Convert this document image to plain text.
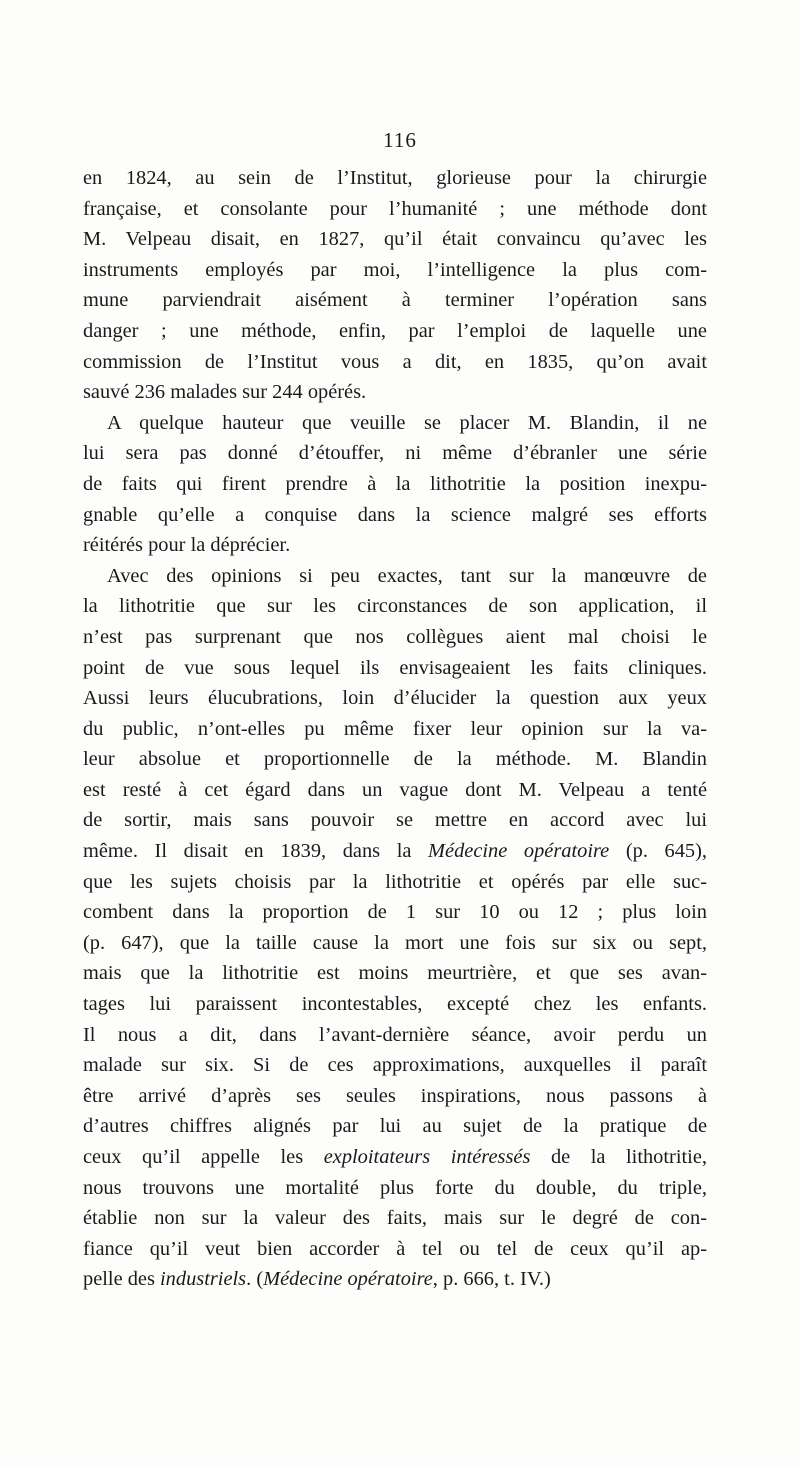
116
en 1824, au sein de l’Institut, glorieuse pour la chirurgie
française, et consolante pour l’humanité ; une méthode dont
M. Velpeau disait, en 1827, qu’il était convaincu qu’avec les
instruments employés par moi, l’intelligence la plus com-
mune parviendrait aisément à terminer l’opération sans
danger ; une méthode, enfin, par l’emploi de laquelle une
commission de l’Institut vous a dit, en 1835, qu’on avait
sauvé 236 malades sur 244 opérés.
A quelque hauteur que veuille se placer M. Blandin, il ne
lui sera pas donné d’étouffer, ni même d’ébranler une série
de faits qui firent prendre à la lithotritie la position inexpu-
gnable qu’elle a conquise dans la science malgré ses efforts
réitérés pour la déprécier.
Avec des opinions si peu exactes, tant sur la manœuvre de
la lithotritie que sur les circonstances de son application, il
n’est pas surprenant que nos collègues aient mal choisi le
point de vue sous lequel ils envisageaient les faits cliniques.
Aussi leurs élucubrations, loin d’élucider la question aux yeux
du public, n’ont-elles pu même fixer leur opinion sur la va-
leur absolue et proportionnelle de la méthode. M. Blandin
est resté à cet égard dans un vague dont M. Velpeau a tenté
de sortir, mais sans pouvoir se mettre en accord avec lui
même. Il disait en 1839, dans la Médecine opératoire (p. 645),
que les sujets choisis par la lithotritie et opérés par elle suc-
combent dans la proportion de 1 sur 10 ou 12 ; plus loin
(p. 647), que la taille cause la mort une fois sur six ou sept,
mais que la lithotritie est moins meurtrière, et que ses avan-
tages lui paraissent incontestables, excepté chez les enfants.
Il nous a dit, dans l’avant-dernière séance, avoir perdu un
malade sur six. Si de ces approximations, auxquelles il paraît
être arrivé d’après ses seules inspirations, nous passons à
d’autres chiffres alignés par lui au sujet de la pratique de
ceux qu’il appelle les exploitateurs intéressés de la lithotritie,
nous trouvons une mortalité plus forte du double, du triple,
établie non sur la valeur des faits, mais sur le degré de con-
fiance qu’il veut bien accorder à tel ou tel de ceux qu’il ap-
pelle des industriels. (Médecine opératoire, p. 666, t. IV.)
